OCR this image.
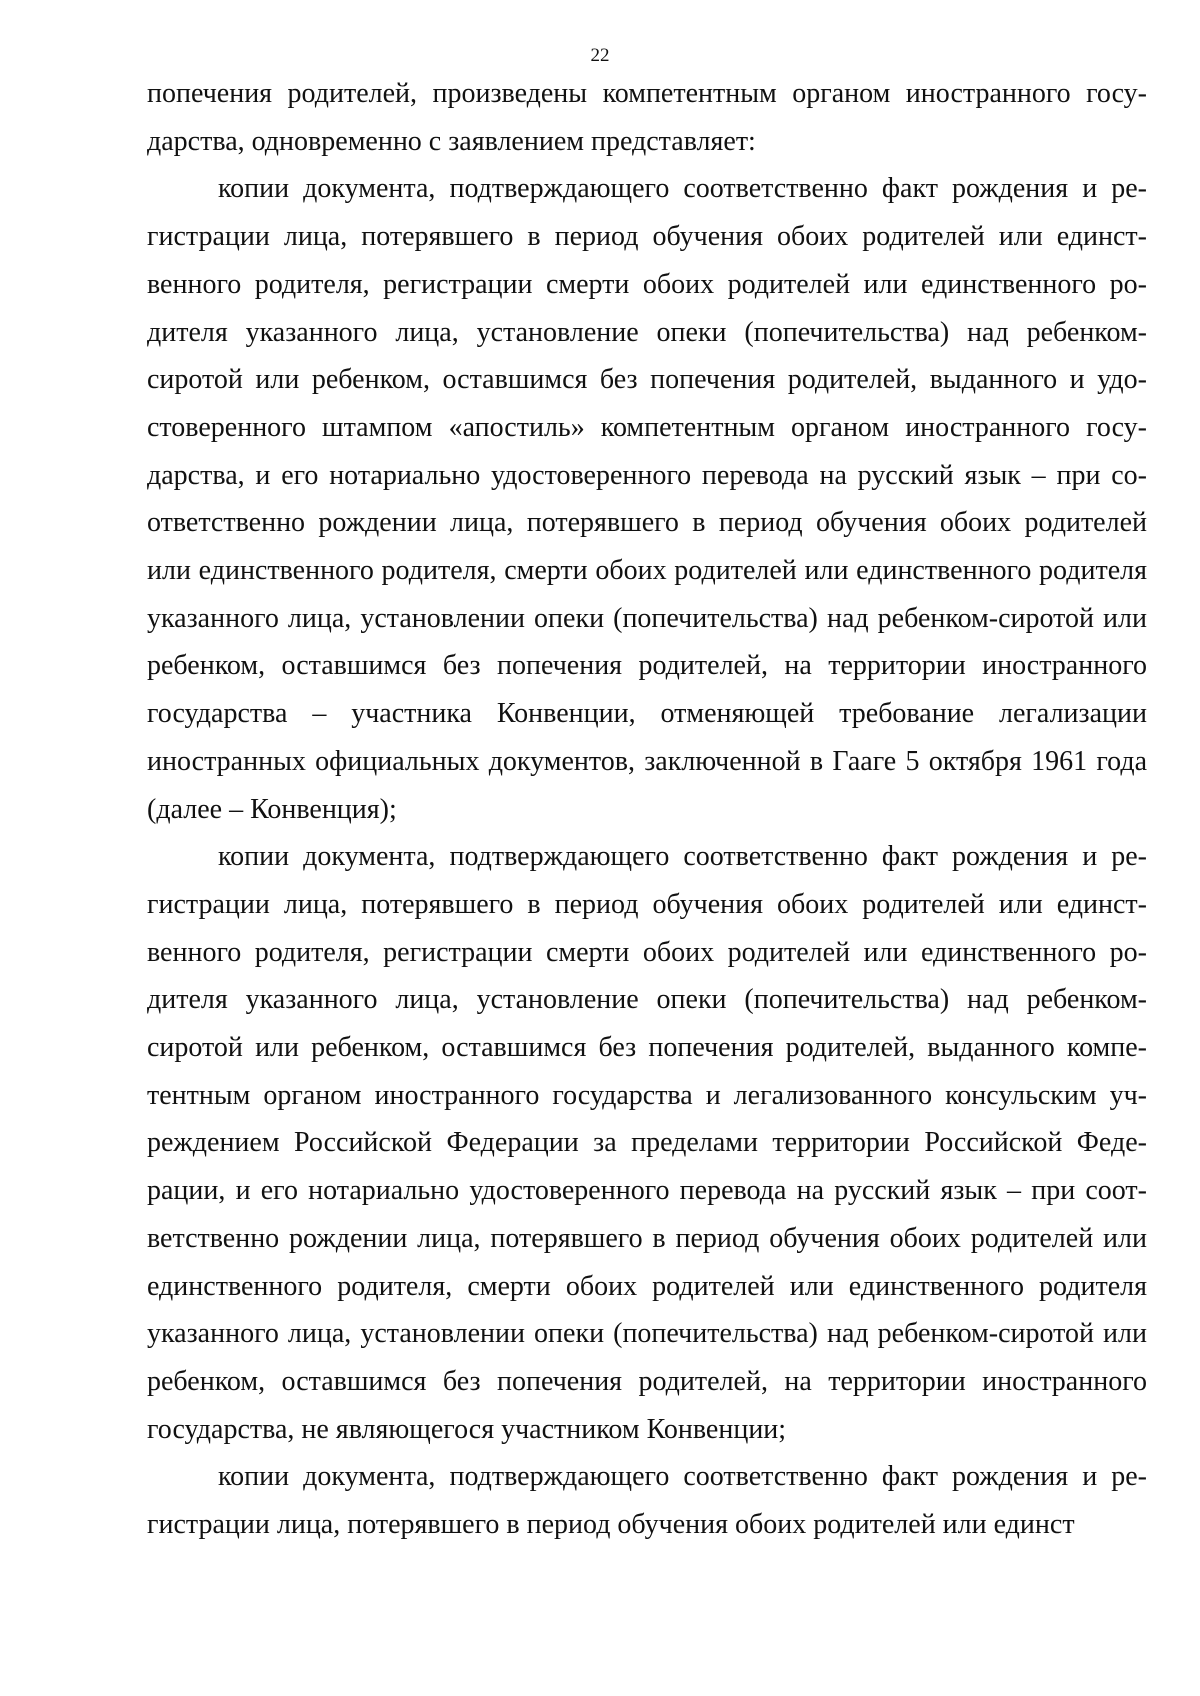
22

попечения родителей, произведены компетентным органом иностранного государства, одновременно с заявлением представляет:

копии документа, подтверждающего соответственно факт рождения и регистрации лица, потерявшего в период обучения обоих родителей или единственного родителя, регистрации смерти обоих родителей или единственного родителя указанного лица, установление опеки (попечительства) над ребенком-сиротой или ребенком, оставшимся без попечения родителей, выданного и удостоверенного штампом «апостиль» компетентным органом иностранного государства, и его нотариально удостоверенного перевода на русский язык – при соответственно рождении лица, потерявшего в период обучения обоих родителей или единственного родителя, смерти обоих родителей или единственного родителя указанного лица, установлении опеки (попечительства) над ребенком-сиротой или ребенком, оставшимся без попечения родителей, на территории иностранного государства – участника Конвенции, отменяющей требование легализации иностранных официальных документов, заключенной в Гааге 5 октября 1961 года (далее – Конвенция);

копии документа, подтверждающего соответственно факт рождения и регистрации лица, потерявшего в период обучения обоих родителей или единственного родителя, регистрации смерти обоих родителей или единственного родителя указанного лица, установление опеки (попечительства) над ребенком-сиротой или ребенком, оставшимся без попечения родителей, выданного компетентным органом иностранного государства и легализованного консульским учреждением Российской Федерации за пределами территории Российской Федерации, и его нотариально удостоверенного перевода на русский язык – при соответственно рождении лица, потерявшего в период обучения обоих родителей или единственного родителя, смерти обоих родителей или единственного родителя указанного лица, установлении опеки (попечительства) над ребенком-сиротой или ребенком, оставшимся без попечения родителей, на территории иностранного государства, не являющегося участником Конвенции;

копии документа, подтверждающего соответственно факт рождения и регистрации лица, потерявшего в период обучения обоих родителей или единст
